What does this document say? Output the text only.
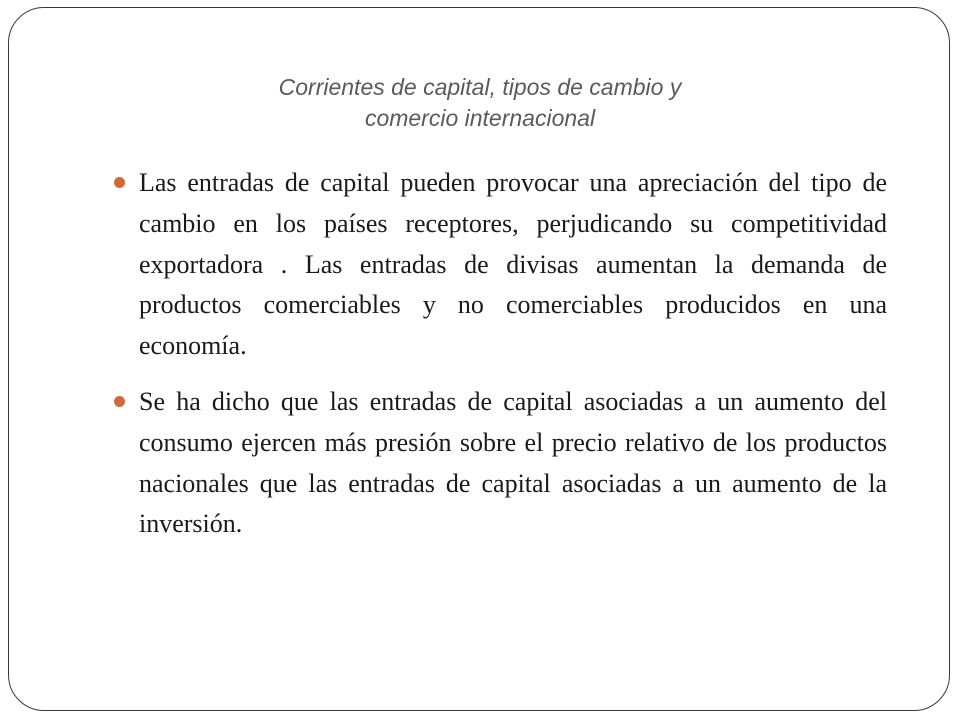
Corrientes de capital, tipos de cambio y
comercio internacional
Las entradas de capital pueden provocar una apreciación del tipo de cambio en los países receptores, perjudicando su competitividad exportadora . Las entradas de divisas aumentan la demanda de productos comerciables y no comerciables producidos en una economía.
Se ha dicho que las entradas de capital asociadas a un aumento del consumo ejercen más presión sobre el precio relativo de los productos nacionales que las entradas de capital asociadas a un aumento de la inversión.
